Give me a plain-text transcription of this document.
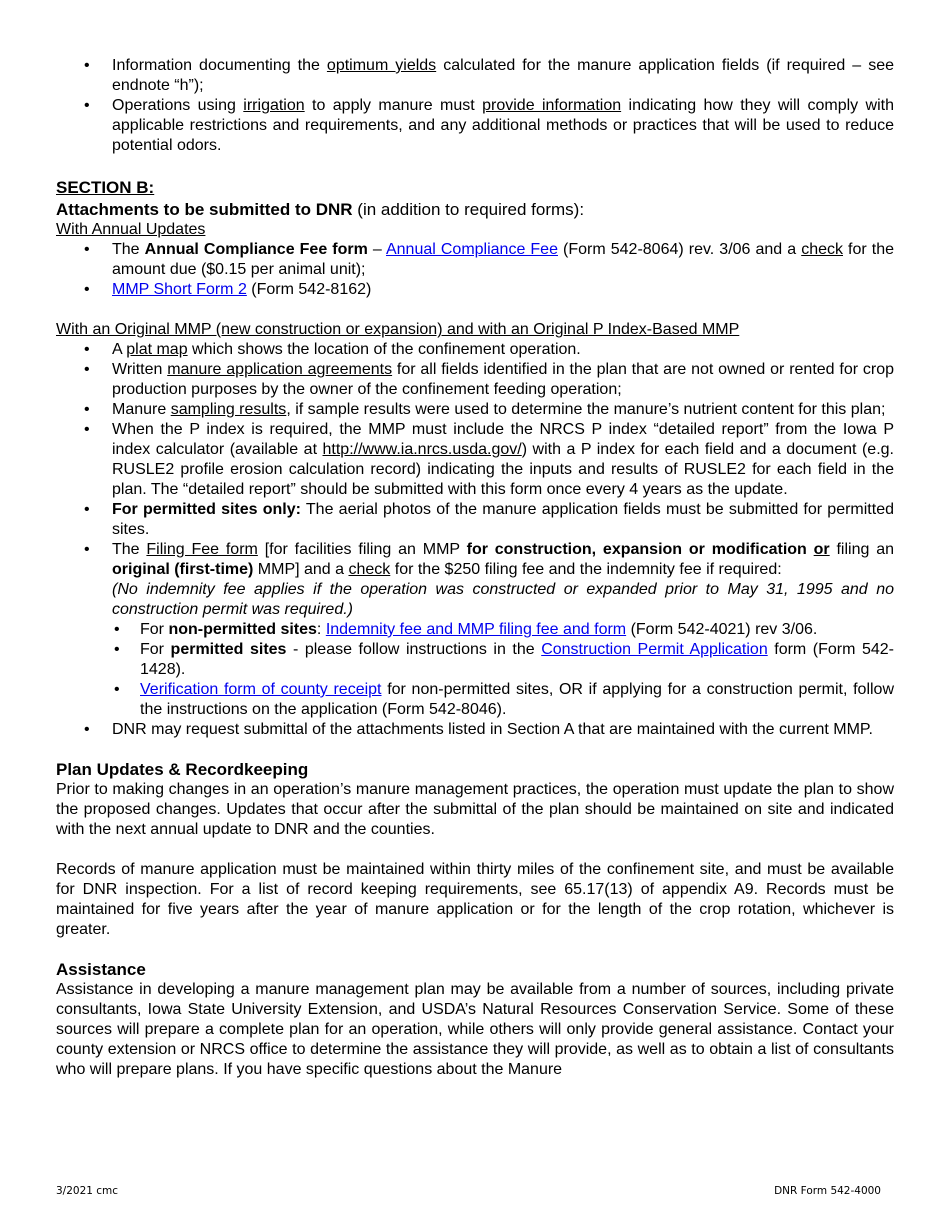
• Information documenting the optimum yields calculated for the manure application fields (if required – see endnote “h”);
• Operations using irrigation to apply manure must provide information indicating how they will comply with applicable restrictions and requirements, and any additional methods or practices that will be used to reduce potential odors.
SECTION B:
Attachments to be submitted to DNR (in addition to required forms):
With Annual Updates
• The Annual Compliance Fee form – Annual Compliance Fee (Form 542-8064) rev. 3/06 and a check for the amount due ($0.15 per animal unit);
• MMP Short Form 2 (Form 542-8162)
With an Original MMP (new construction or expansion) and with an Original P Index-Based MMP
• A plat map which shows the location of the confinement operation.
• Written manure application agreements for all fields identified in the plan that are not owned or rented for crop production purposes by the owner of the confinement feeding operation;
• Manure sampling results, if sample results were used to determine the manure’s nutrient content for this plan;
• When the P index is required, the MMP must include the NRCS P index “detailed report” from the Iowa P index calculator (available at http://www.ia.nrcs.usda.gov/) with a P index for each field and a document (e.g. RUSLE2 profile erosion calculation record) indicating the inputs and results of RUSLE2 for each field in the plan. The “detailed report” should be submitted with this form once every 4 years as the update.
• For permitted sites only: The aerial photos of the manure application fields must be submitted for permitted sites.
• The Filing Fee form [for facilities filing an MMP for construction, expansion or modification or filing an original (first-time) MMP] and a check for the $250 filing fee and the indemnity fee if required:
(No indemnity fee applies if the operation was constructed or expanded prior to May 31, 1995 and no construction permit was required.)
• For non-permitted sites: Indemnity fee and MMP filing fee and form (Form 542-4021) rev 3/06.
• For permitted sites - please follow instructions in the Construction Permit Application form (Form 542-1428).
• Verification form of county receipt for non-permitted sites, OR if applying for a construction permit, follow the instructions on the application (Form 542-8046).
• DNR may request submittal of the attachments listed in Section A that are maintained with the current MMP.
Plan Updates & Recordkeeping

Prior to making changes in an operation’s manure management practices, the operation must update the plan to show the proposed changes. Updates that occur after the submittal of the plan should be maintained on site and indicated with the next annual update to DNR and the counties.

Records of manure application must be maintained within thirty miles of the confinement site, and must be available for DNR inspection. For a list of record keeping requirements, see 65.17(13) of appendix A9. Records must be maintained for five years after the year of manure application or for the length of the crop rotation, whichever is greater.

Assistance

Assistance in developing a manure management plan may be available from a number of sources, including private consultants, Iowa State University Extension, and USDA’s Natural Resources Conservation Service. Some of these sources will prepare a complete plan for an operation, while others will only provide general assistance. Contact your county extension or NRCS office to determine the assistance they will provide, as well as to obtain a list of consultants who will prepare plans. If you have specific questions about the Manure

3/2021 cmc	DNR Form 542-4000
